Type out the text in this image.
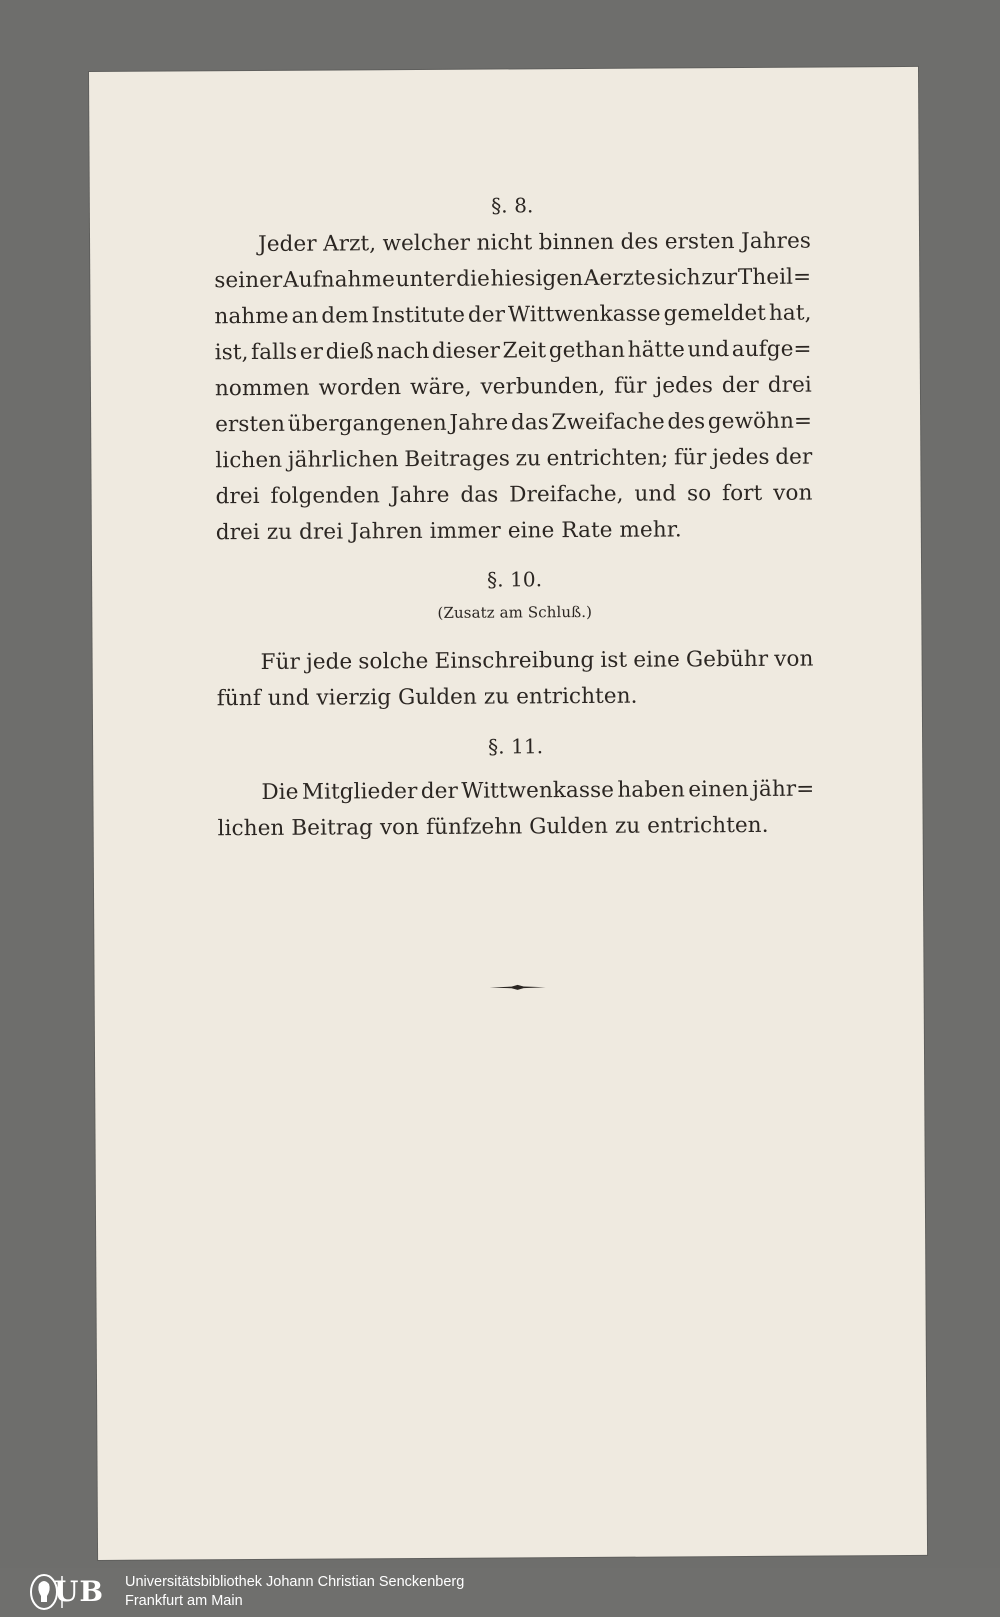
§. 8.
Jeder Arzt, welcher nicht binnen des ersten Jahres
seiner Aufnahme unter die hiesigen Aerzte sich zur Theil=
nahme an dem Institute der Wittwenkasse gemeldet hat,
ist, falls er dieß nach dieser Zeit gethan hätte und aufge=
nommen worden wäre, verbunden, für jedes der drei
ersten übergangenen Jahre das Zweifache des gewöhn=
lichen jährlichen Beitrages zu entrichten; für jedes der
drei folgenden Jahre das Dreifache, und so fort von
drei zu drei Jahren immer eine Rate mehr.
§. 10.
(Zusatz am Schluß.)
Für jede solche Einschreibung ist eine Gebühr von
fünf und vierzig Gulden zu entrichten.
§. 11.
Die Mitglieder der Wittwenkasse haben einen jähr=
lichen Beitrag von fünfzehn Gulden zu entrichten.
UB Universitätsbibliothek Johann Christian Senckenberg
Frankfurt am Main
